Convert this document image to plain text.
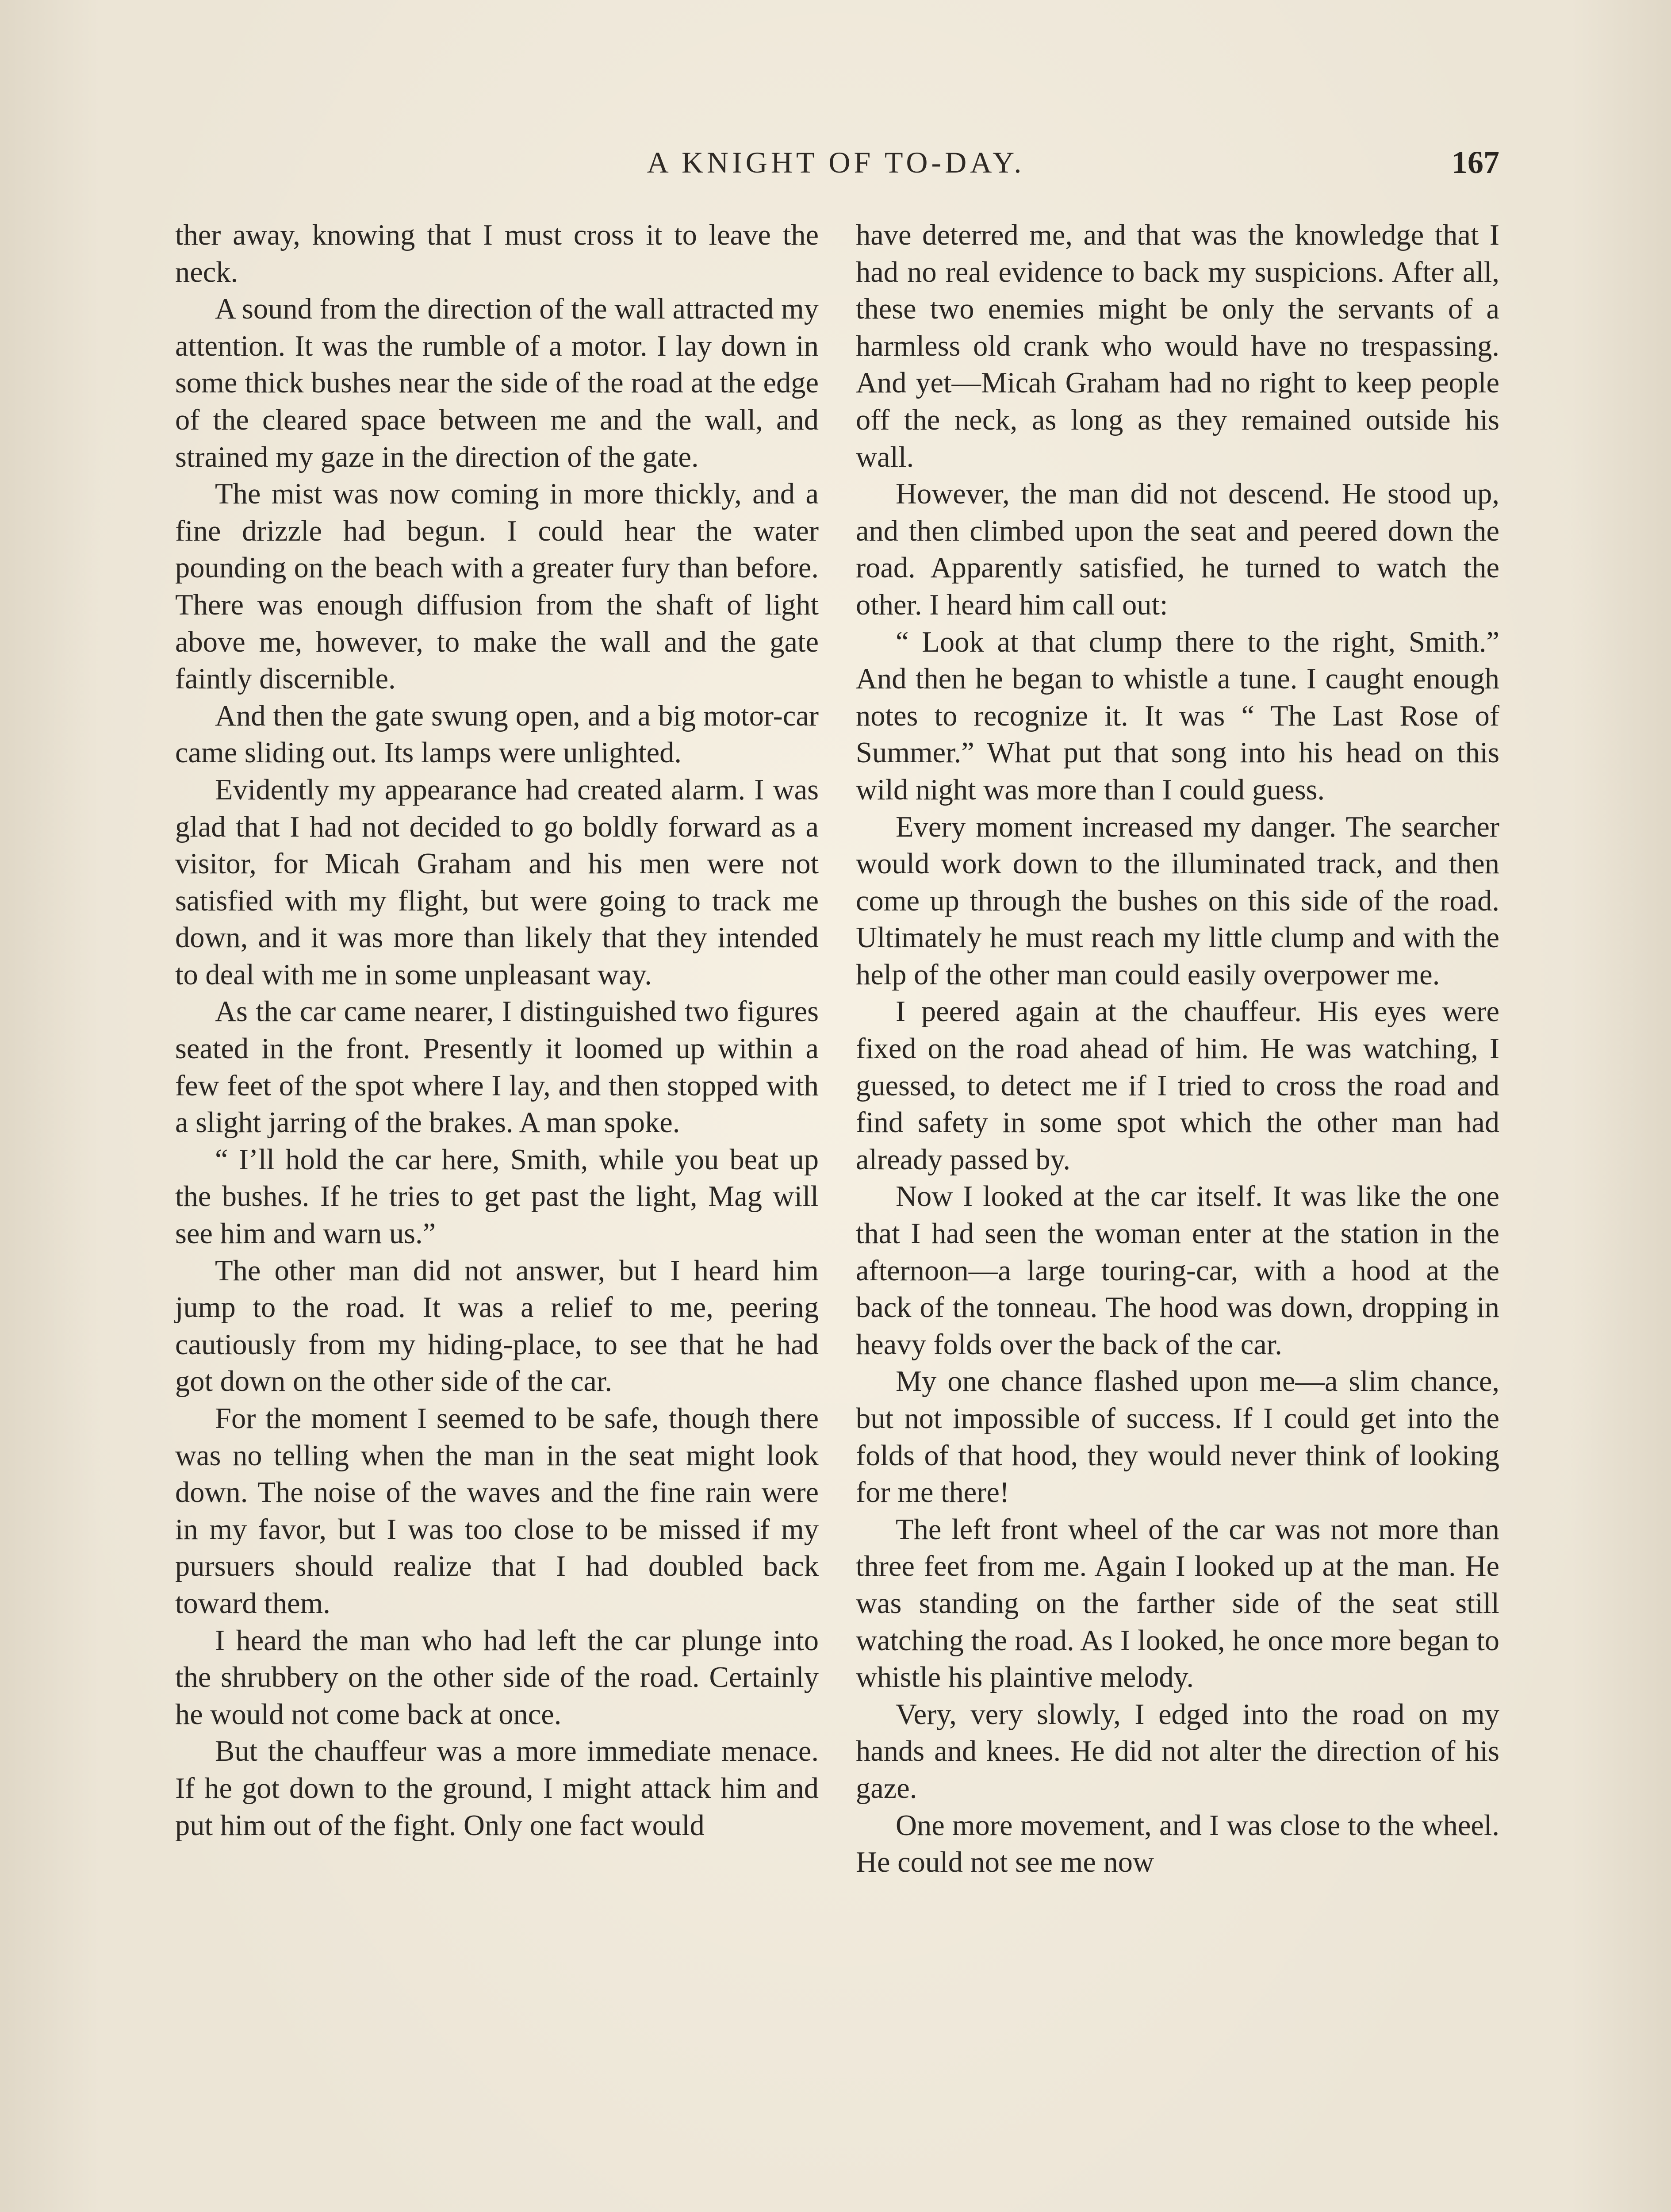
A KNIGHT OF TO-DAY.	167

ther away, knowing that I must cross it to leave the neck.

A sound from the direction of the wall attracted my attention. It was the rumble of a motor. I lay down in some thick bushes near the side of the road at the edge of the cleared space between me and the wall, and strained my gaze in the direction of the gate.

The mist was now coming in more thickly, and a fine drizzle had begun. I could hear the water pounding on the beach with a greater fury than before. There was enough diffusion from the shaft of light above me, however, to make the wall and the gate faintly discernible.

And then the gate swung open, and a big motor-car came sliding out. Its lamps were unlighted.

Evidently my appearance had created alarm. I was glad that I had not decided to go boldly forward as a visitor, for Micah Graham and his men were not satisfied with my flight, but were going to track me down, and it was more than likely that they intended to deal with me in some unpleasant way.

As the car came nearer, I distinguished two figures seated in the front. Presently it loomed up within a few feet of the spot where I lay, and then stopped with a slight jarring of the brakes. A man spoke.

“ I’ll hold the car here, Smith, while you beat up the bushes. If he tries to get past the light, Mag will see him and warn us.”

The other man did not answer, but I heard him jump to the road. It was a relief to me, peering cautiously from my hiding-place, to see that he had got down on the other side of the car.

For the moment I seemed to be safe, though there was no telling when the man in the seat might look down. The noise of the waves and the fine rain were in my favor, but I was too close to be missed if my pursuers should realize that I had doubled back toward them.

I heard the man who had left the car plunge into the shrubbery on the other side of the road. Certainly he would not come back at once.

But the chauffeur was a more immediate menace. If he got down to the ground, I might attack him and put him out of the fight. Only one fact would

have deterred me, and that was the knowledge that I had no real evidence to back my suspicions. After all, these two enemies might be only the servants of a harmless old crank who would have no trespassing. And yet—Micah Graham had no right to keep people off the neck, as long as they remained outside his wall.

However, the man did not descend. He stood up, and then climbed upon the seat and peered down the road. Apparently satisfied, he turned to watch the other. I heard him call out:

“ Look at that clump there to the right, Smith.” And then he began to whistle a tune. I caught enough notes to recognize it. It was “ The Last Rose of Summer.” What put that song into his head on this wild night was more than I could guess.

Every moment increased my danger. The searcher would work down to the illuminated track, and then come up through the bushes on this side of the road. Ultimately he must reach my little clump and with the help of the other man could easily overpower me.

I peered again at the chauffeur. His eyes were fixed on the road ahead of him. He was watching, I guessed, to detect me if I tried to cross the road and find safety in some spot which the other man had already passed by.

Now I looked at the car itself. It was like the one that I had seen the woman enter at the station in the afternoon—a large touring-car, with a hood at the back of the tonneau. The hood was down, dropping in heavy folds over the back of the car.

My one chance flashed upon me—a slim chance, but not impossible of success. If I could get into the folds of that hood, they would never think of looking for me there!

The left front wheel of the car was not more than three feet from me. Again I looked up at the man. He was standing on the farther side of the seat still watching the road. As I looked, he once more began to whistle his plaintive melody.

Very, very slowly, I edged into the road on my hands and knees. He did not alter the direction of his gaze.

One more movement, and I was close to the wheel. He could not see me now
